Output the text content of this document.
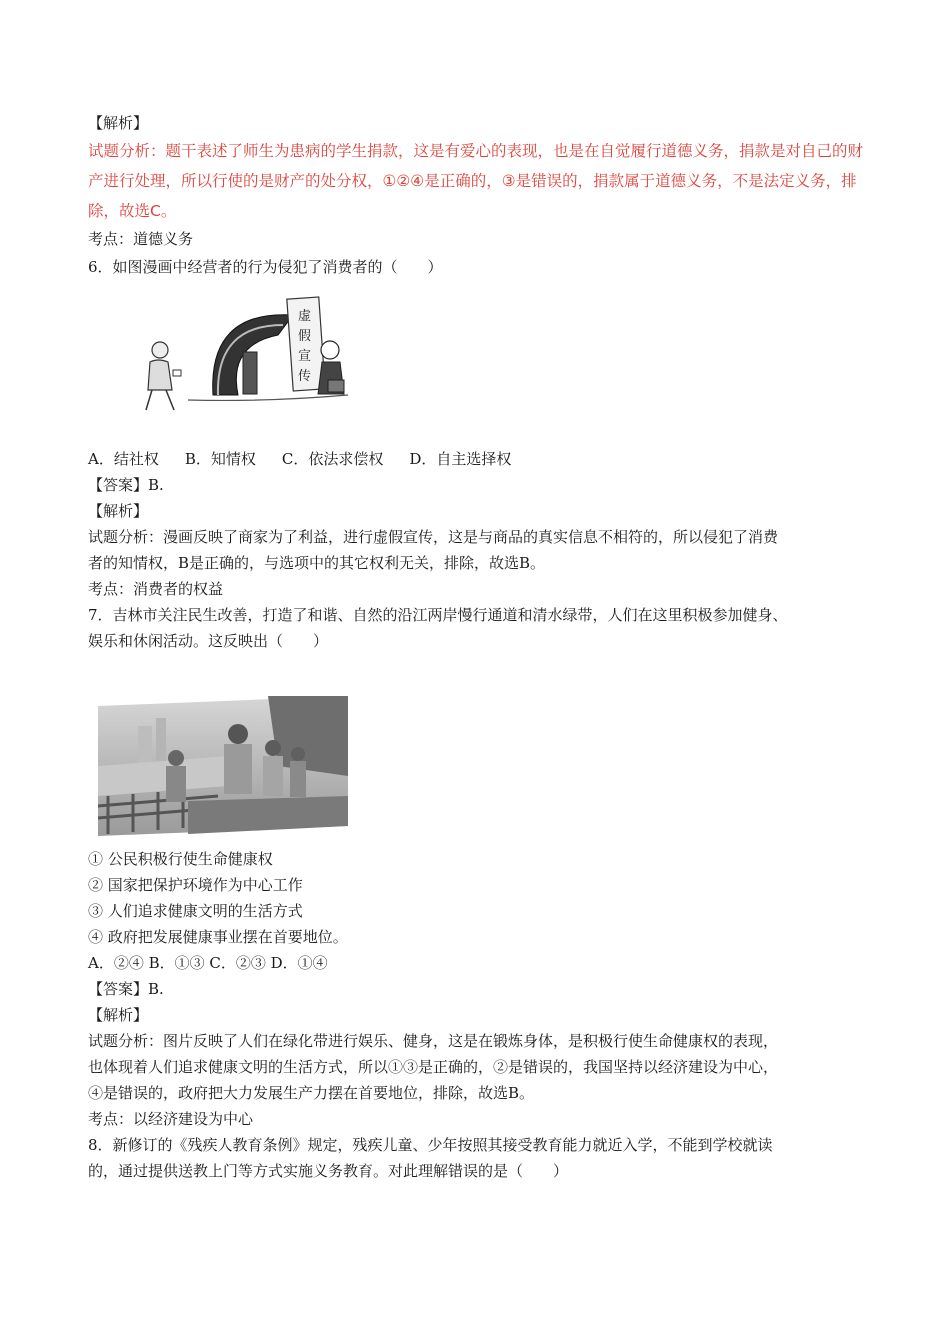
【解析】
试题分析：题干表述了师生为患病的学生捐款，这是有爱心的表现，也是在自觉履行道德义务，捐款是对自己的财产进行处理，所以行使的是财产的处分权，①②④是正确的，③是错误的，捐款属于道德义务，不是法定义务，排除，故选C。
考点：道德义务
6．如图漫画中经营者的行为侵犯了消费者的（　　）
虚
假
宣
传
A．结社权 B．知情权 C．依法求偿权 D．自主选择权
【答案】B.
【解析】
试题分析：漫画反映了商家为了利益，进行虚假宣传，这是与商品的真实信息不相符的，所以侵犯了消费
者的知情权，B是正确的，与选项中的其它权利无关，排除，故选B。
考点：消费者的权益
7．吉林市关注民生改善，打造了和谐、自然的沿江两岸慢行通道和清水绿带，人们在这里积极参加健身、
娱乐和休闲活动。这反映出（　　）
① 公民积极行使生命健康权
② 国家把保护环境作为中心工作
③ 人们追求健康文明的生活方式
④ 政府把发展健康事业摆在首要地位。
A．②④ B．①③ C．②③ D．①④
【答案】B.
【解析】
试题分析：图片反映了人们在绿化带进行娱乐、健身，这是在锻炼身体，是积极行使生命健康权的表现，
也体现着人们追求健康文明的生活方式，所以①③是正确的，②是错误的，我国坚持以经济建设为中心，
④是错误的，政府把大力发展生产力摆在首要地位，排除，故选B。
考点：以经济建设为中心
8．新修订的《残疾人教育条例》规定，残疾儿童、少年按照其接受教育能力就近入学，不能到学校就读
的，通过提供送教上门等方式实施义务教育。对此理解错误的是（　　）
